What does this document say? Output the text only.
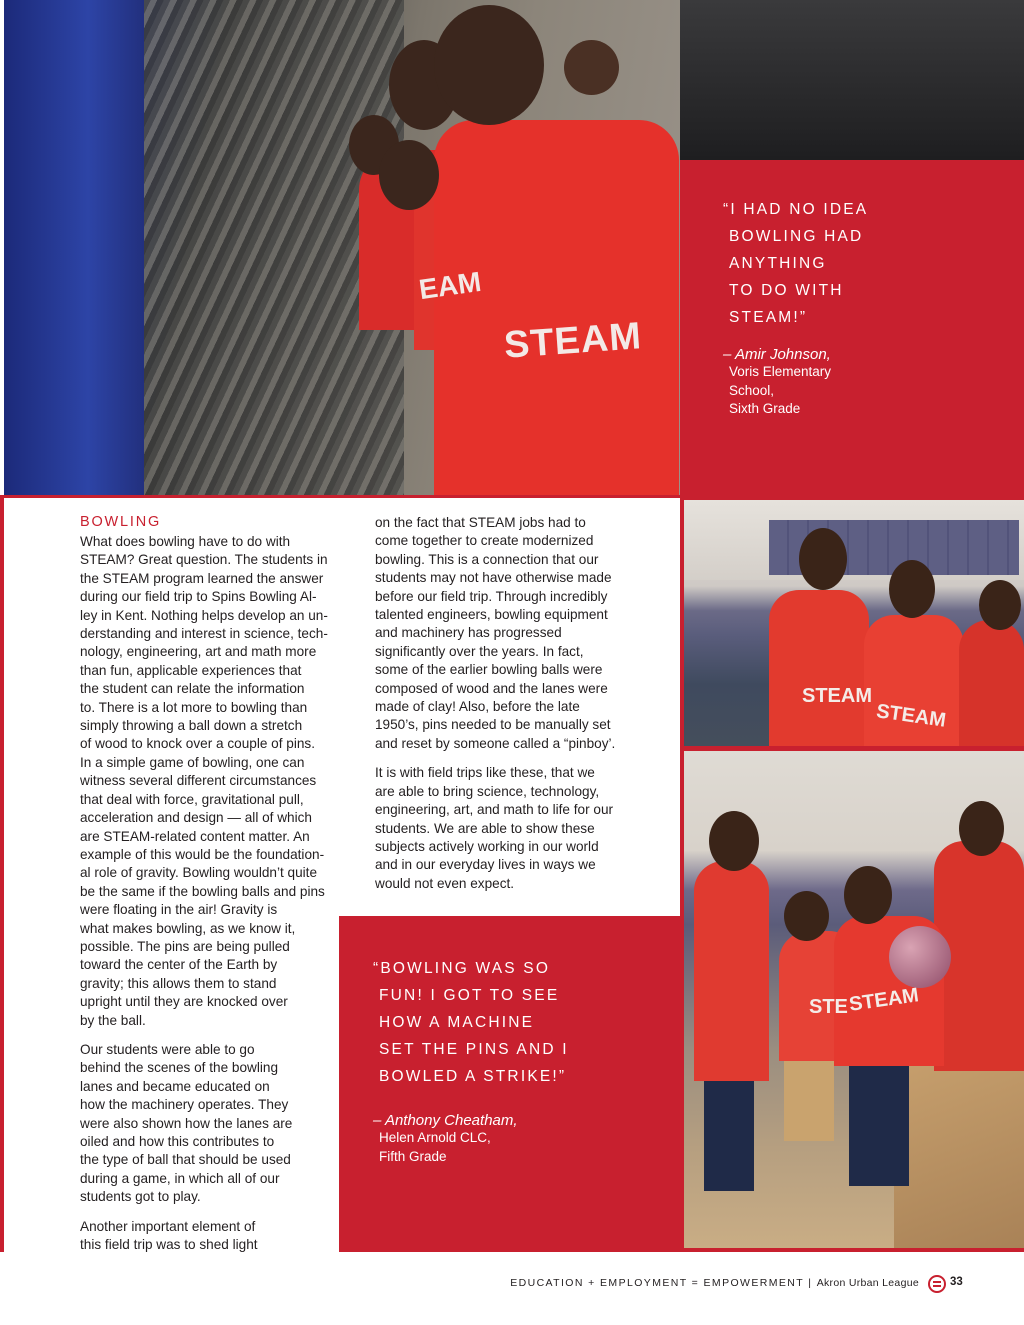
STEAM
EAM
“I HAD NO IDEA
BOWLING HAD
ANYTHING
TO DO WITH
STEAM!”
– Amir Johnson,
Voris Elementary
School,
Sixth Grade
STEAM
STEAM
STEAM
STE
BOWLING

What does bowling have to do with
STEAM? Great question. The students in
the STEAM program learned the answer
during our field trip to Spins Bowling Al-
ley in Kent. Nothing helps develop an un-
derstanding and interest in science, tech-
nology, engineering, art and math more
than fun, applicable experiences that
the student can relate the information
to. There is a lot more to bowling than
simply throwing a ball down a stretch
of wood to knock over a couple of pins.
In a simple game of bowling, one can
witness several different circumstances
that deal with force, gravitational pull,
acceleration and design — all of which
are STEAM-related content matter. An
example of this would be the foundation-
al role of gravity. Bowling wouldn’t quite
be the same if the bowling balls and pins
were floating in the air! Gravity is
what makes bowling, as we know it,
possible. The pins are being pulled
toward the center of the Earth by
gravity; this allows them to stand
upright until they are knocked over
by the ball.

Our students were able to go
behind the scenes of the bowling
lanes and became educated on
how the machinery operates. They
were also shown how the lanes are
oiled and how this contributes to
the type of ball that should be used
during a game, in which all of our
students got to play.

Another important element of
this field trip was to shed light

on the fact that STEAM jobs had to
come together to create modernized
bowling. This is a connection that our
students may not have otherwise made
before our field trip. Through incredibly
talented engineers, bowling equipment
and machinery has progressed
significantly over the years. In fact,
some of the earlier bowling balls were
composed of wood and the lanes were
made of clay! Also, before the late
1950’s, pins needed to be manually set
and reset by someone called a “pinboy’.

It is with field trips like these, that we
are able to bring science, technology,
engineering, art, and math to life for our
students. We are able to show these
subjects actively working in our world
and in our everyday lives in ways we
would not even expect.

“BOWLING WAS SO
FUN! I GOT TO SEE
HOW A MACHINE
SET THE PINS AND I
BOWLED A STRIKE!”
– Anthony Cheatham,
Helen Arnold CLC,
Fifth Grade
EDUCATION + EMPLOYMENT = EMPOWERMENT | Akron Urban League	33
